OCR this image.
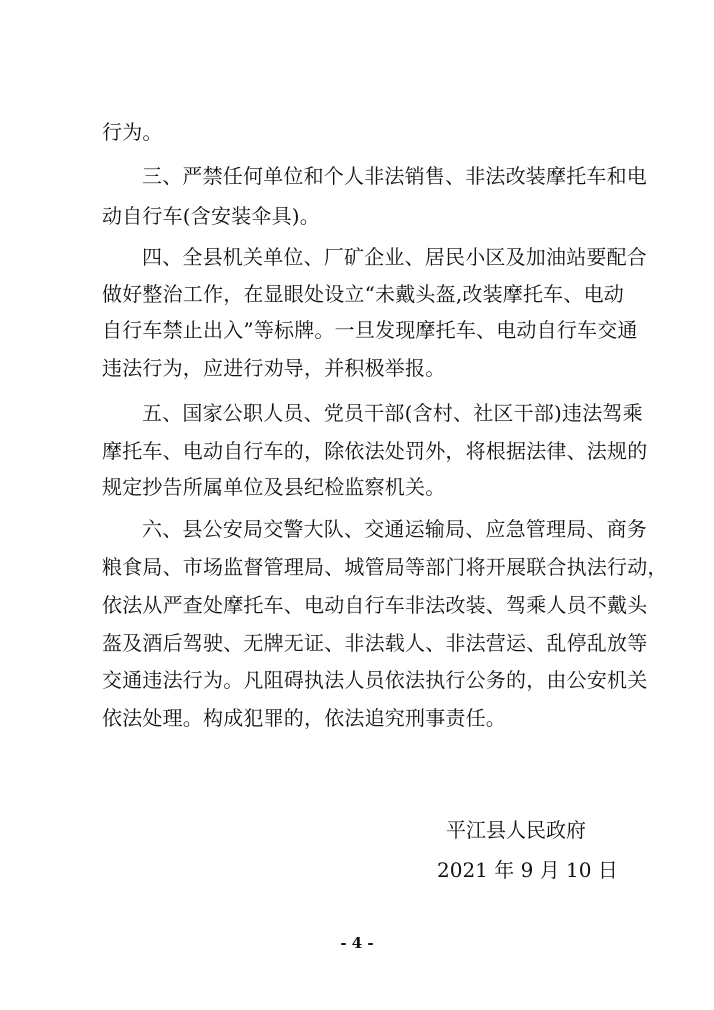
行为。
三、严禁任何单位和个人非法销售、非法改装摩托车和电
动自行车(含安装伞具)。
四、全县机关单位、厂矿企业、居民小区及加油站要配合
做好整治工作，在显眼处设立“未戴头盔,改装摩托车、电动
自行车禁止出入”等标牌。一旦发现摩托车、电动自行车交通
违法行为，应进行劝导，并积极举报。
五、国家公职人员、党员干部(含村、社区干部)违法驾乘
摩托车、电动自行车的，除依法处罚外，将根据法律、法规的
规定抄告所属单位及县纪检监察机关。
六、县公安局交警大队、交通运输局、应急管理局、商务
粮食局、市场监督管理局、城管局等部门将开展联合执法行动，
依法从严查处摩托车、电动自行车非法改装、驾乘人员不戴头
盔及酒后驾驶、无牌无证、非法载人、非法营运、乱停乱放等
交通违法行为。凡阻碍执法人员依法执行公务的，由公安机关
依法处理。构成犯罪的，依法追究刑事责任。
平江县人民政府
2021 年 9 月 10 日
- 4 -
